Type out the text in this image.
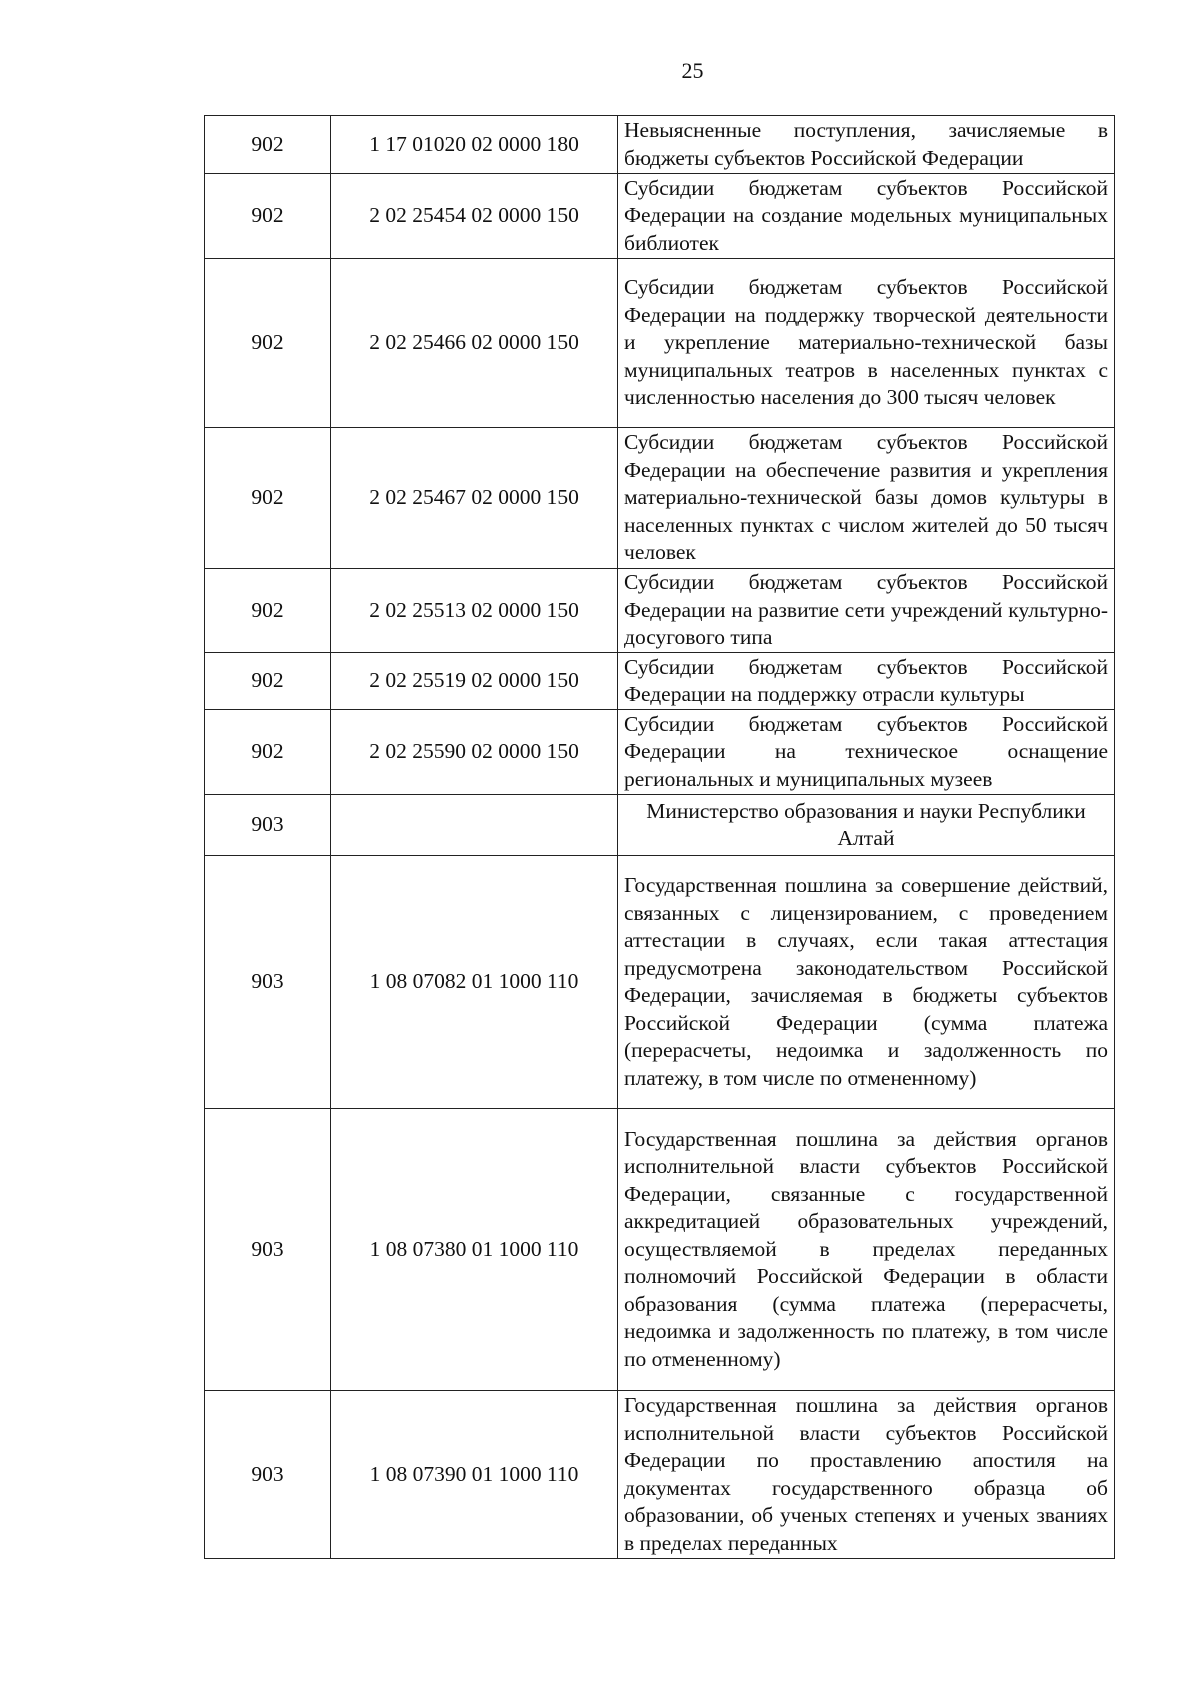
25
902	1 17 01020 02 0000 180	Невыясненные поступления, зачисляемые в бюджеты субъектов Российской Федерации
902	2 02 25454 02 0000 150	Субсидии бюджетам субъектов Российской Федерации на создание модельных муниципальных библиотек
902	2 02 25466 02 0000 150	Субсидии бюджетам субъектов Российской Федерации на поддержку творческой деятельности и укрепление материально-технической базы муниципальных театров в населенных пунктах с численностью населения до 300 тысяч человек
902	2 02 25467 02 0000 150	Субсидии бюджетам субъектов Российской Федерации на обеспечение развития и укрепления материально-технической базы домов культуры в населенных пунктах с числом жителей до 50 тысяч человек
902	2 02 25513 02 0000 150	Субсидии бюджетам субъектов Российской Федерации на развитие сети учреждений культурно-досугового типа
902	2 02 25519 02 0000 150	Субсидии бюджетам субъектов Российской Федерации на поддержку отрасли культуры
902	2 02 25590 02 0000 150	Субсидии бюджетам субъектов Российской Федерации на техническое оснащение региональных и муниципальных музеев
903		Министерство образования и науки Республики Алтай
903	1 08 07082 01 1000 110	Государственная пошлина за совершение действий, связанных с лицензированием, с проведением аттестации в случаях, если такая аттестация предусмотрена законодательством Российской Федерации, зачисляемая в бюджеты субъектов Российской Федерации (сумма платежа (перерасчеты, недоимка и задолженность по платежу, в том числе по отмененному)
903	1 08 07380 01 1000 110	Государственная пошлина за действия органов исполнительной власти субъектов Российской Федерации, связанные с государственной аккредитацией образовательных учреждений, осуществляемой в пределах переданных полномочий Российской Федерации в области образования (сумма платежа (перерасчеты, недоимка и задолженность по платежу, в том числе по отмененному)
903	1 08 07390 01 1000 110	Государственная пошлина за действия органов исполнительной власти субъектов Российской Федерации по проставлению апостиля на документах государственного образца об образовании, об ученых степенях и ученых званиях в пределах переданных
